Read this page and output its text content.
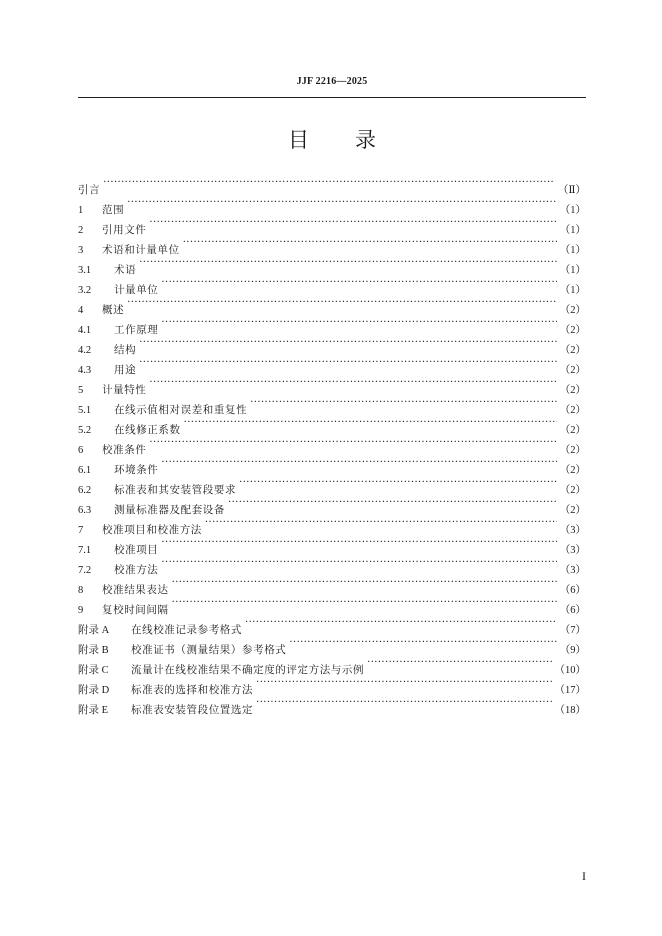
JJF 2216—2025
目 录
引言 ·····	（Ⅱ）
1	范围 ·····	（1）
2	引用文件 ·····	（1）
3	术语和计量单位 ·····	（1）
3.1	术语 ·····	（1）
3.2	计量单位 ·····	（1）
4	概述 ·····	（2）
4.1	工作原理 ·····	（2）
4.2	结构 ·····	（2）
4.3	用途 ·····	（2）
5	计量特性 ·····	（2）
5.1	在线示值相对误差和重复性 ·····	（2）
5.2	在线修正系数 ·····	（2）
6	校准条件 ·····	（2）
6.1	环境条件 ·····	（2）
6.2	标准表和其安装管段要求 ·····	（2）
6.3	测量标准器及配套设备 ·····	（2）
7	校准项目和校准方法 ·····	（3）
7.1	校准项目 ·····	（3）
7.2	校准方法 ·····	（3）
8	校准结果表达 ·····	（6）
9	复校时间间隔 ·····	（6）
附录 A	在线校准记录参考格式 ·····	（7）
附录 B	校准证书（测量结果）参考格式 ·····	（9）
附录 C	流量计在线校准结果不确定度的评定方法与示例 ·····	（10）
附录 D	标准表的选择和校准方法 ·····	（17）
附录 E	标准表安装管段位置选定 ·····	（18）
I
